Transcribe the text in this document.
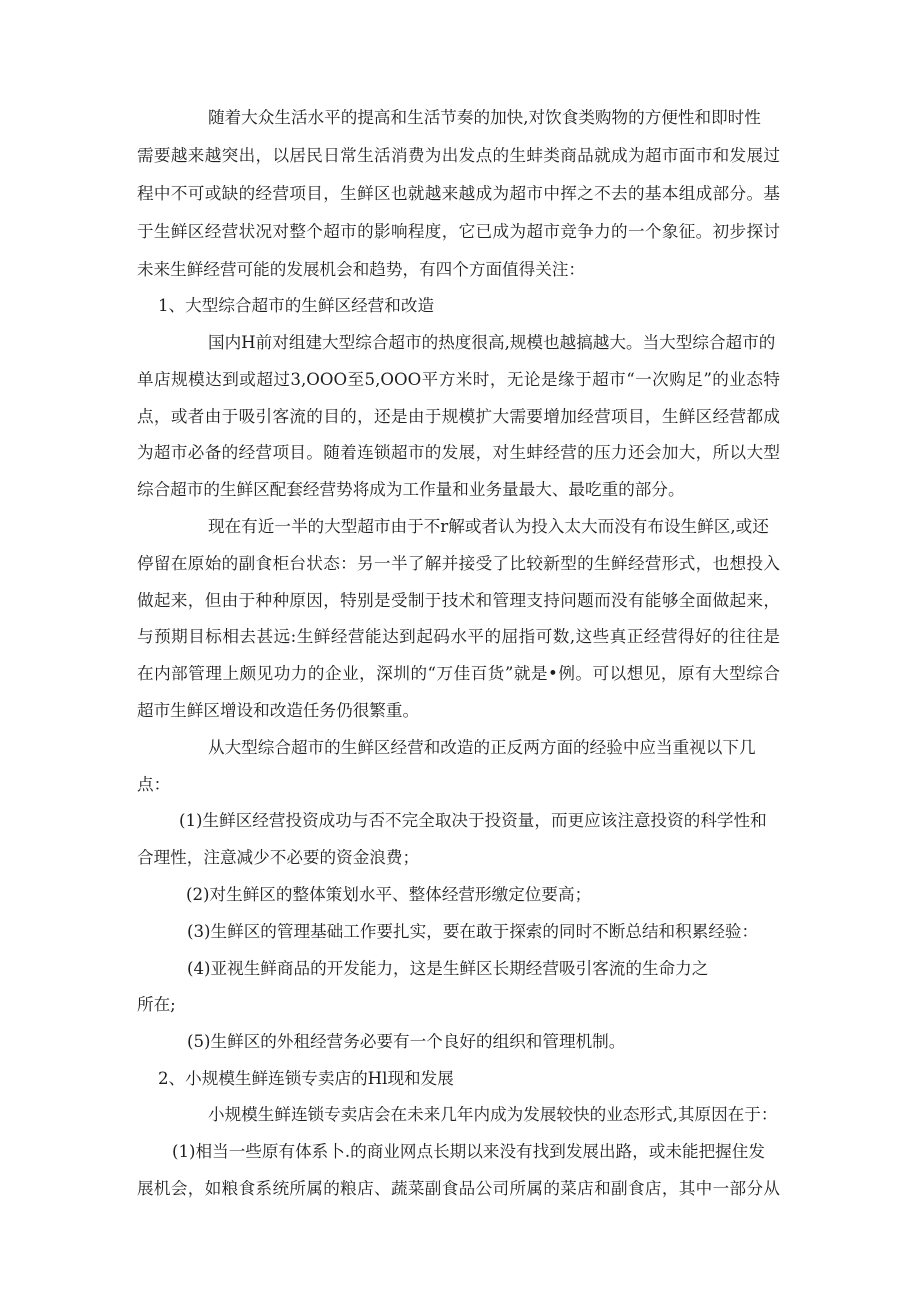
随着大众生活水平的提高和生活节奏的加快,对饮食类购物的方便性和即时性

需要越来越突出，以居民日常生活消费为出发点的生蚌类商品就成为超市面市和发展过

程中不可或缺的经营项目，生鲜区也就越来越成为超市中挥之不去的基本组成部分。基

于生鲜区经营状况对整个超市的影响程度，它已成为超市竞争力的一个象征。初步探讨

未来生鲜经营可能的发展机会和趋势，有四个方面值得关注：

1、大型综合超市的生鲜区经营和改造

国内H前对组建大型综合超市的热度很高,规模也越搞越大。当大型综合超市的

单店规模达到或超过3,OOO至5,OOO平方米时，无论是缘于超市“一次购足”的业态特

点，或者由于吸引客流的目的，还是由于规模扩大需要增加经营项目，生鲜区经营都成

为超市必备的经营项目。随着连锁超市的发展，对生蚌经营的压力还会加大，所以大型

综合超市的生鲜区配套经营势将成为工作量和业务量最大、最吃重的部分。

现在有近一半的大型超市由于不r解或者认为投入太大而没有布设生鲜区,或还

停留在原始的副食柜台状态：另一半了解并接受了比较新型的生鲜经营形式，也想投入

做起来，但由于种种原因，特别是受制于技术和管理支持问题而没有能够全面做起来，

与预期目标相去甚远:生鲜经营能达到起码水平的屈指可数,这些真正经营得好的往往是

在内部管理上颇见功力的企业，深圳的“万佳百货”就是•例。可以想见，原有大型综合

超市生鲜区增设和改造任务仍很繁重。

从大型综合超市的生鲜区经营和改造的正反两方面的经验中应当重视以下几

点：

(1)生鲜区经营投资成功与否不完全取决于投资量，而更应该注意投资的科学性和

合理性，注意减少不必要的资金浪费；

(2)对生鲜区的整体策划水平、整体经营形缴定位要高；

(3)生鲜区的管理基础工作要扎实，要在敢于探索的同时不断总结和积累经验：

(4)亚视生鲜商品的开发能力，这是生鲜区长期经营吸引客流的生命力之

所在;

(5)生鲜区的外租经营务必要有一个良好的组织和管理机制。

2、小规模生鲜连锁专卖店的Hl现和发展

小规模生鲜连锁专卖店会在未来几年内成为发展较快的业态形式,其原因在于：

(1)相当一些原有体系卜.的商业网点长期以来没有找到发展出路，或未能把握住发

展机会，如粮食系统所属的粮店、蔬菜副食品公司所属的菜店和副食店，其中一部分从
